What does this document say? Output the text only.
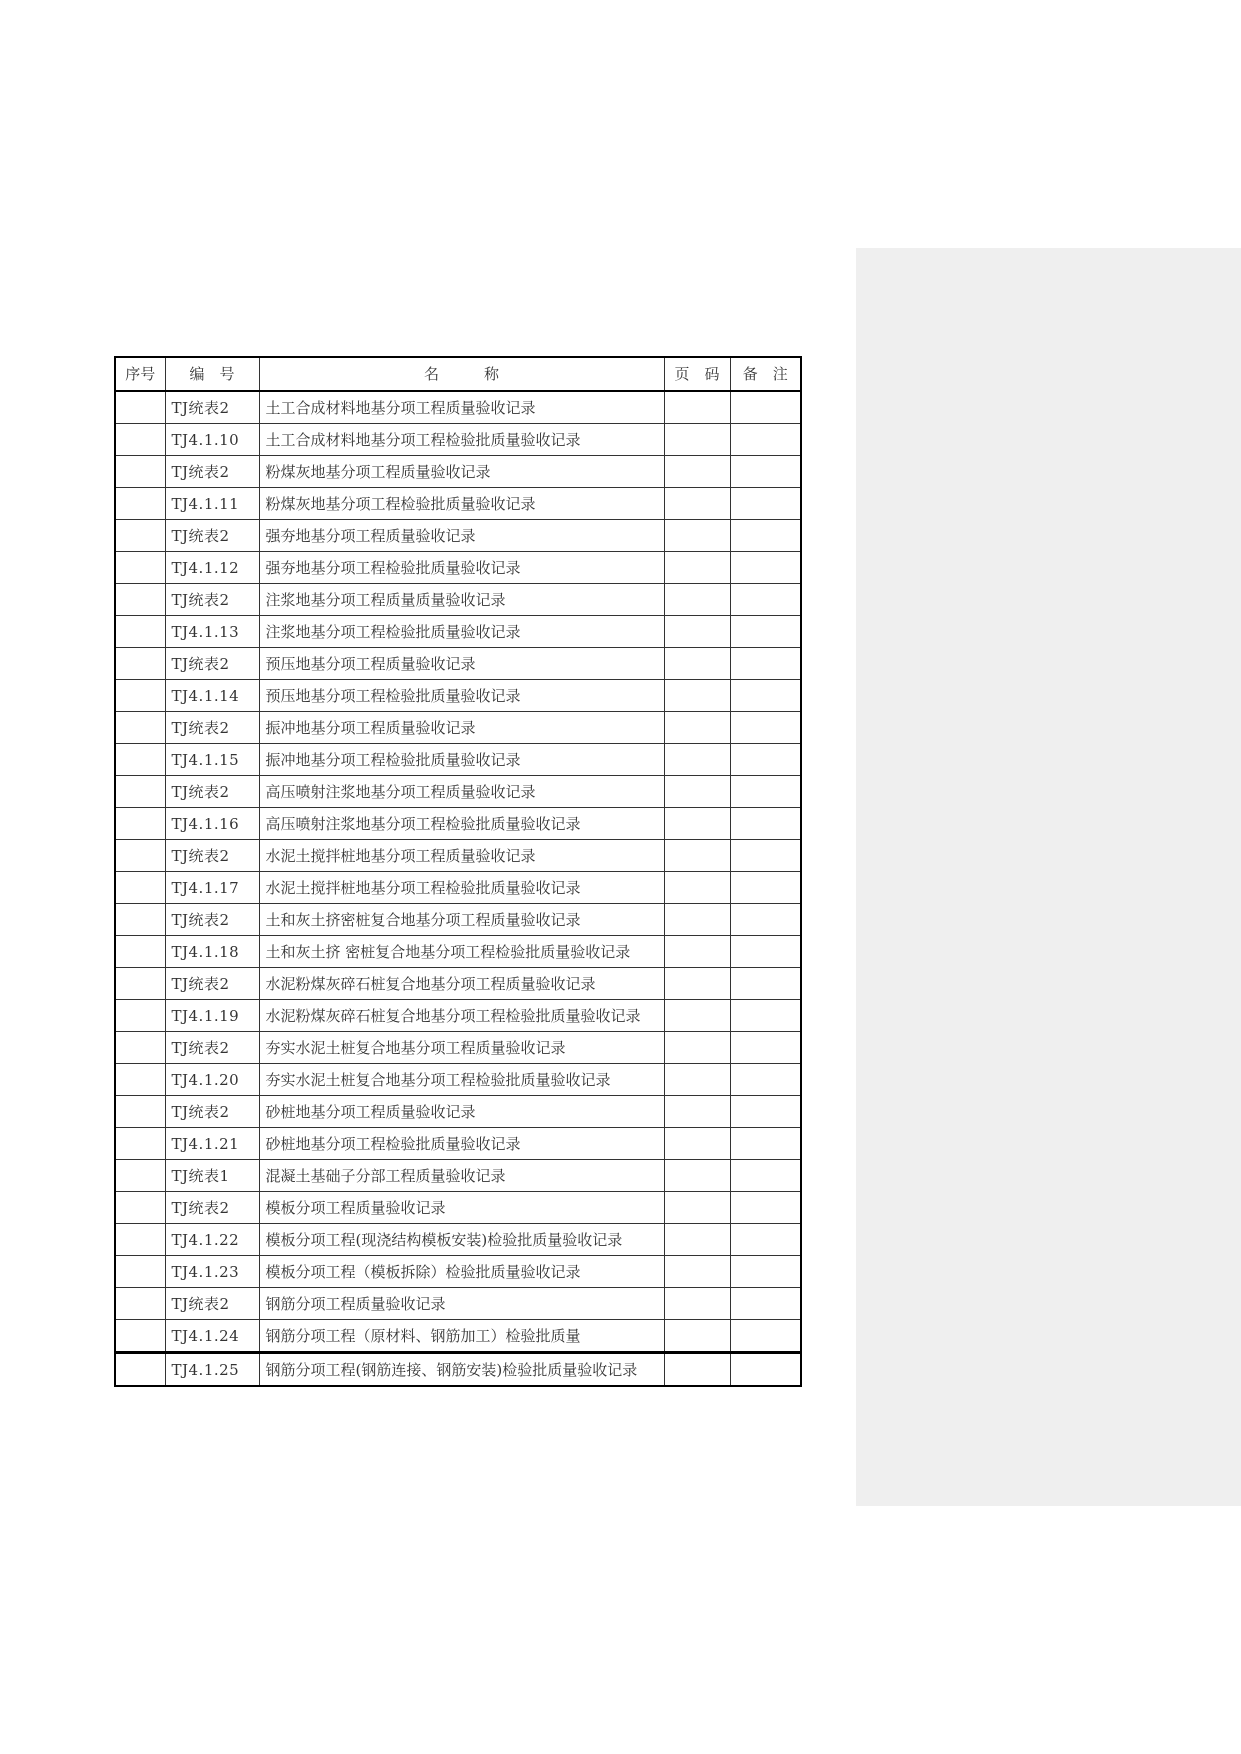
序号	编　号	名　　　称	页　码	备　注
	TJ统表2	土工合成材料地基分项工程质量验收记录		
	TJ4.1.10	土工合成材料地基分项工程检验批质量验收记录		
	TJ统表2	粉煤灰地基分项工程质量验收记录		
	TJ4.1.11	粉煤灰地基分项工程检验批质量验收记录		
	TJ统表2	强夯地基分项工程质量验收记录		
	TJ4.1.12	强夯地基分项工程检验批质量验收记录		
	TJ统表2	注浆地基分项工程质量质量验收记录		
	TJ4.1.13	注浆地基分项工程检验批质量验收记录		
	TJ统表2	预压地基分项工程质量验收记录		
	TJ4.1.14	预压地基分项工程检验批质量验收记录		
	TJ统表2	振冲地基分项工程质量验收记录		
	TJ4.1.15	振冲地基分项工程检验批质量验收记录		
	TJ统表2	高压喷射注浆地基分项工程质量验收记录		
	TJ4.1.16	高压喷射注浆地基分项工程检验批质量验收记录		
	TJ统表2	水泥土搅拌桩地基分项工程质量验收记录		
	TJ4.1.17	水泥土搅拌桩地基分项工程检验批质量验收记录		
	TJ统表2	土和灰土挤密桩复合地基分项工程质量验收记录		
	TJ4.1.18	土和灰土挤 密桩复合地基分项工程检验批质量验收记录		
	TJ统表2	水泥粉煤灰碎石桩复合地基分项工程质量验收记录		
	TJ4.1.19	水泥粉煤灰碎石桩复合地基分项工程检验批质量验收记录		
	TJ统表2	夯实水泥土桩复合地基分项工程质量验收记录		
	TJ4.1.20	夯实水泥土桩复合地基分项工程检验批质量验收记录		
	TJ统表2	砂桩地基分项工程质量验收记录		
	TJ4.1.21	砂桩地基分项工程检验批质量验收记录		
	TJ统表1	混凝土基础子分部工程质量验收记录		
	TJ统表2	模板分项工程质量验收记录		
	TJ4.1.22	模板分项工程(现浇结构模板安装)检验批质量验收记录		
	TJ4.1.23	模板分项工程（模板拆除）检验批质量验收记录		
	TJ统表2	钢筋分项工程质量验收记录		
	TJ4.1.24	钢筋分项工程（原材料、钢筋加工）检验批质量		
	TJ4.1.25	钢筋分项工程(钢筋连接、钢筋安装)检验批质量验收记录		
